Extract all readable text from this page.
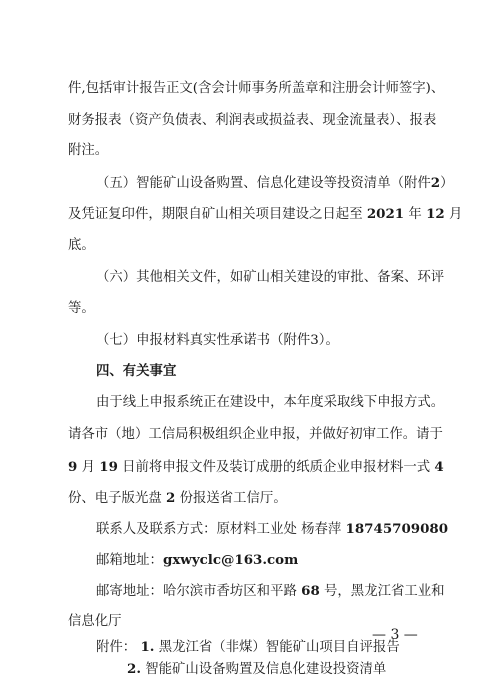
件,包括审计报告正文(含会计师事务所盖章和注册会计师签字)、
财务报表（资产负债表、利润表或损益表、现金流量表）、报表
附注。
（五）智能矿山设备购置、信息化建设等投资清单（附件2）
及凭证复印件，期限自矿山相关项目建设之日起至 2021 年 12 月
底。
（六）其他相关文件，如矿山相关建设的审批、备案、环评
等。
（七）申报材料真实性承诺书（附件3）。
四、有关事宜
由于线上申报系统正在建设中，本年度采取线下申报方式。
请各市（地）工信局积极组织企业申报，并做好初审工作。请于
9 月 19 日前将申报文件及装订成册的纸质企业申报材料一式 4
份、电子版光盘 2 份报送省工信厅。
联系人及联系方式：原材料工业处 杨春萍 18745709080
邮箱地址：gxwyclc@163.com
邮寄地址：哈尔滨市香坊区和平路 68 号，黑龙江省工业和
信息化厅
附件： 1. 黑龙江省（非煤）智能矿山项目自评报告
2. 智能矿山设备购置及信息化建设投资清单
— 3 —
